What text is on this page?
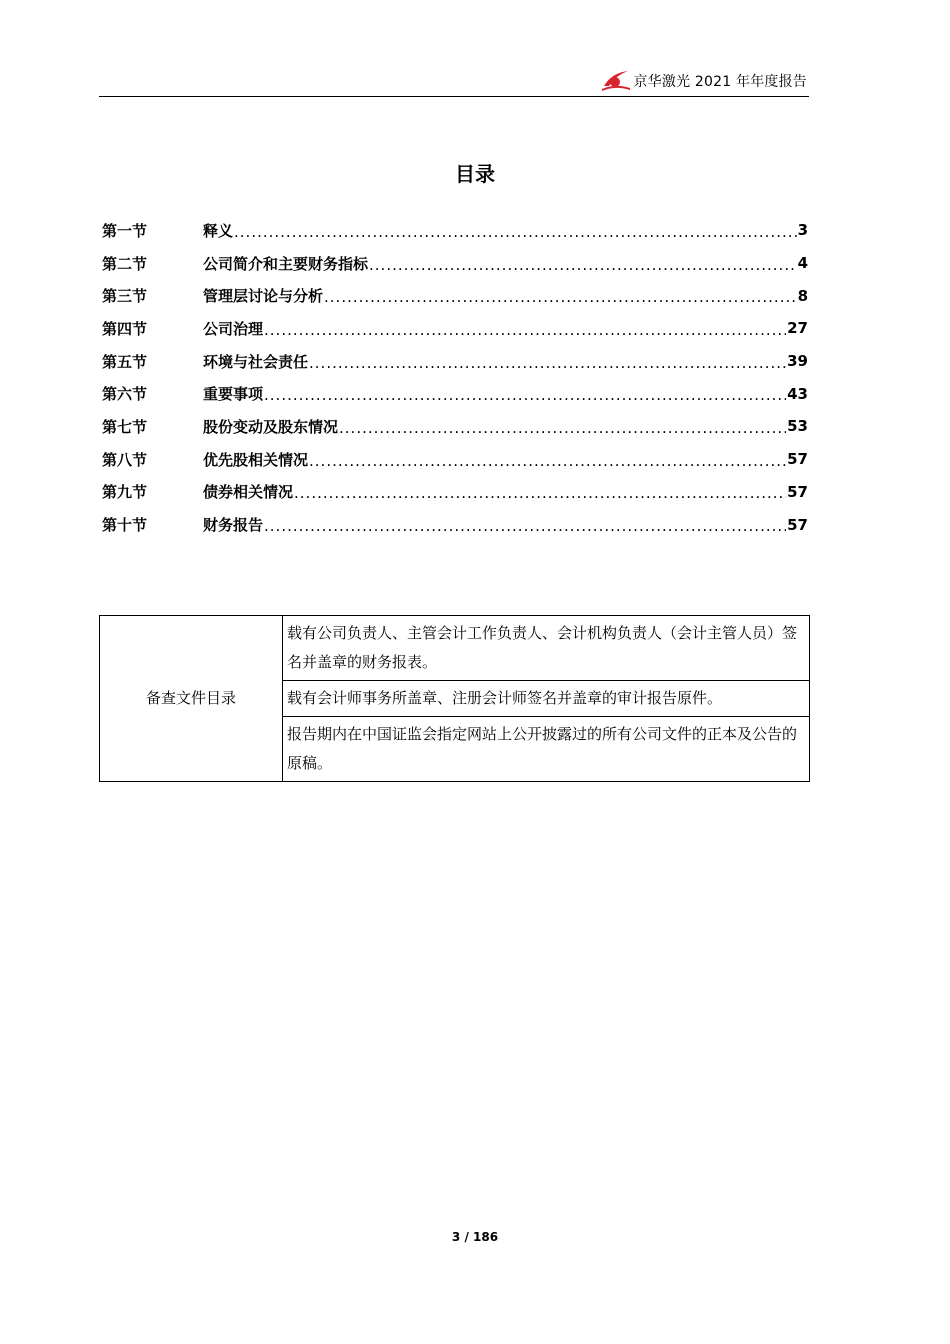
京华激光 2021 年年度报告
目录
第一节	释义 .....	3
第二节	公司简介和主要财务指标 .....	4
第三节	管理层讨论与分析 .....	8
第四节	公司治理 .....	27
第五节	环境与社会责任 .....	39
第六节	重要事项 .....	43
第七节	股份变动及股东情况 .....	53
第八节	优先股相关情况 .....	57
第九节	债券相关情况 .....	57
第十节	财务报告 .....	57
备查文件目录	载有公司负责人、主管会计工作负责人、会计机构负责人（会计主管人员）签名并盖章的财务报表。
载有会计师事务所盖章、注册会计师签名并盖章的审计报告原件。
报告期内在中国证监会指定网站上公开披露过的所有公司文件的正本及公告的原稿。
3 / 186
